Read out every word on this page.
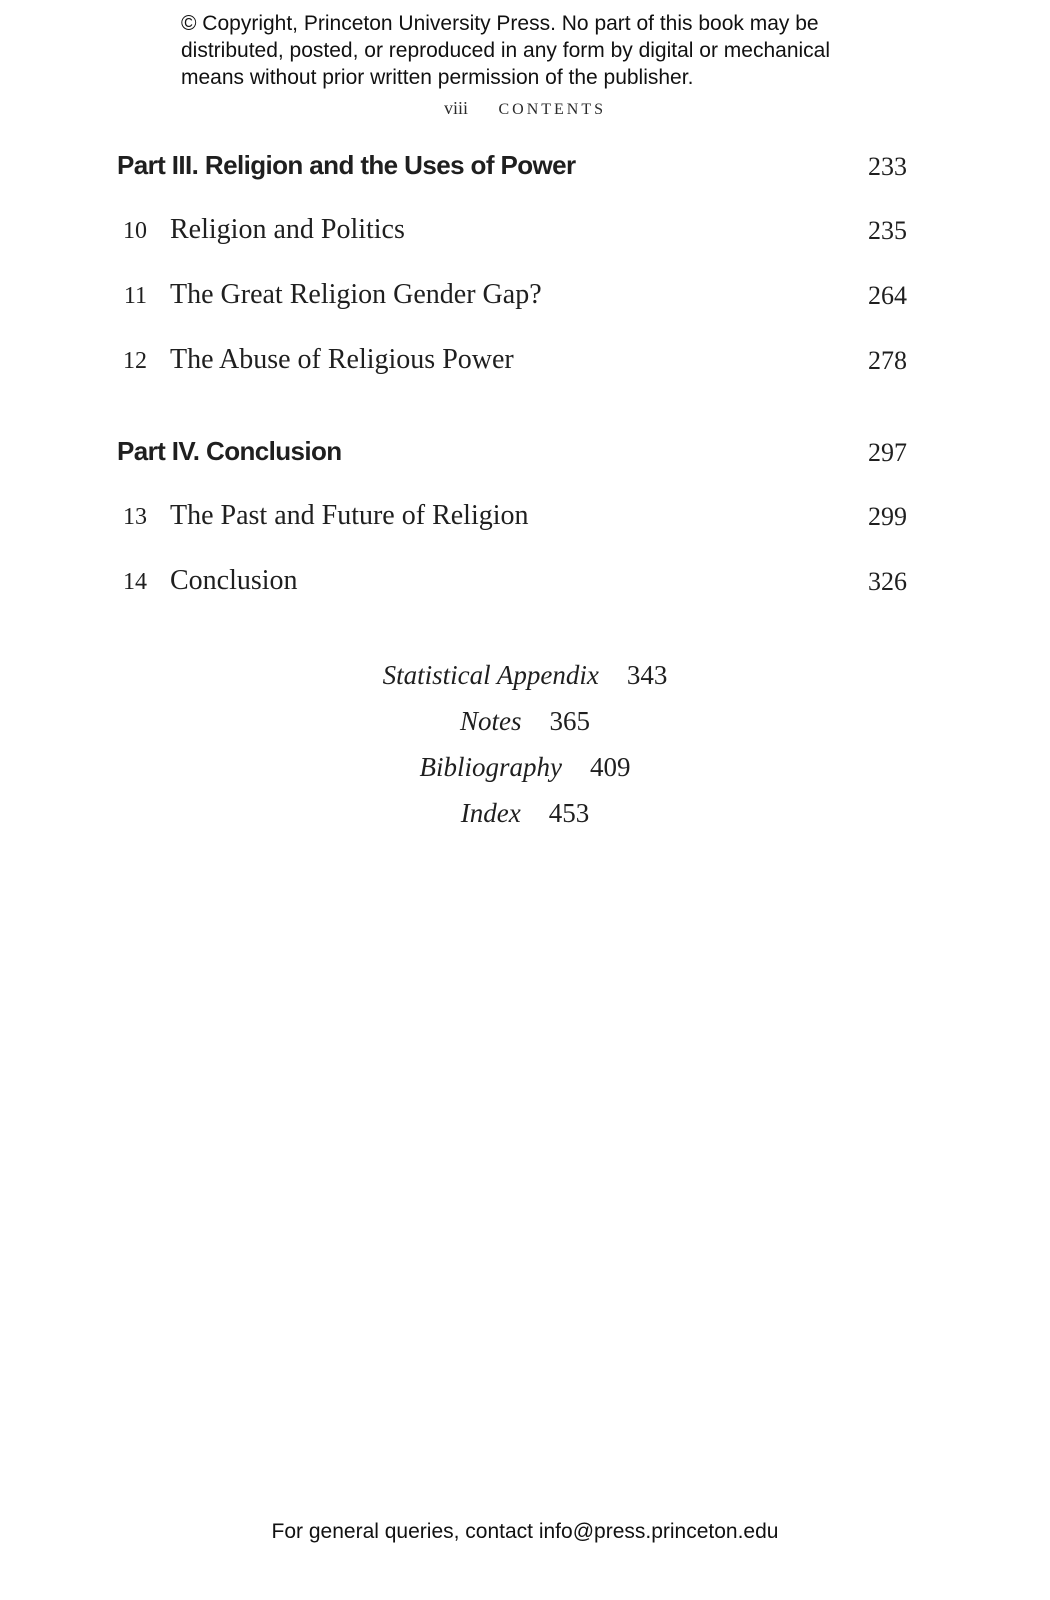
© Copyright, Princeton University Press. No part of this book may be
distributed, posted, or reproduced in any form by digital or mechanical
means without prior written permission of the publisher.
viii CONTENTS
Part III. Religion and the Uses of Power	233
10 Religion and Politics	235
11 The Great Religion Gender Gap?	264
12 The Abuse of Religious Power	278
Part IV. Conclusion	297
13 The Past and Future of Religion	299
14 Conclusion	326
Statistical Appendix 343
Notes 365
Bibliography 409
Index 453
For general queries, contact info@press.princeton.edu
